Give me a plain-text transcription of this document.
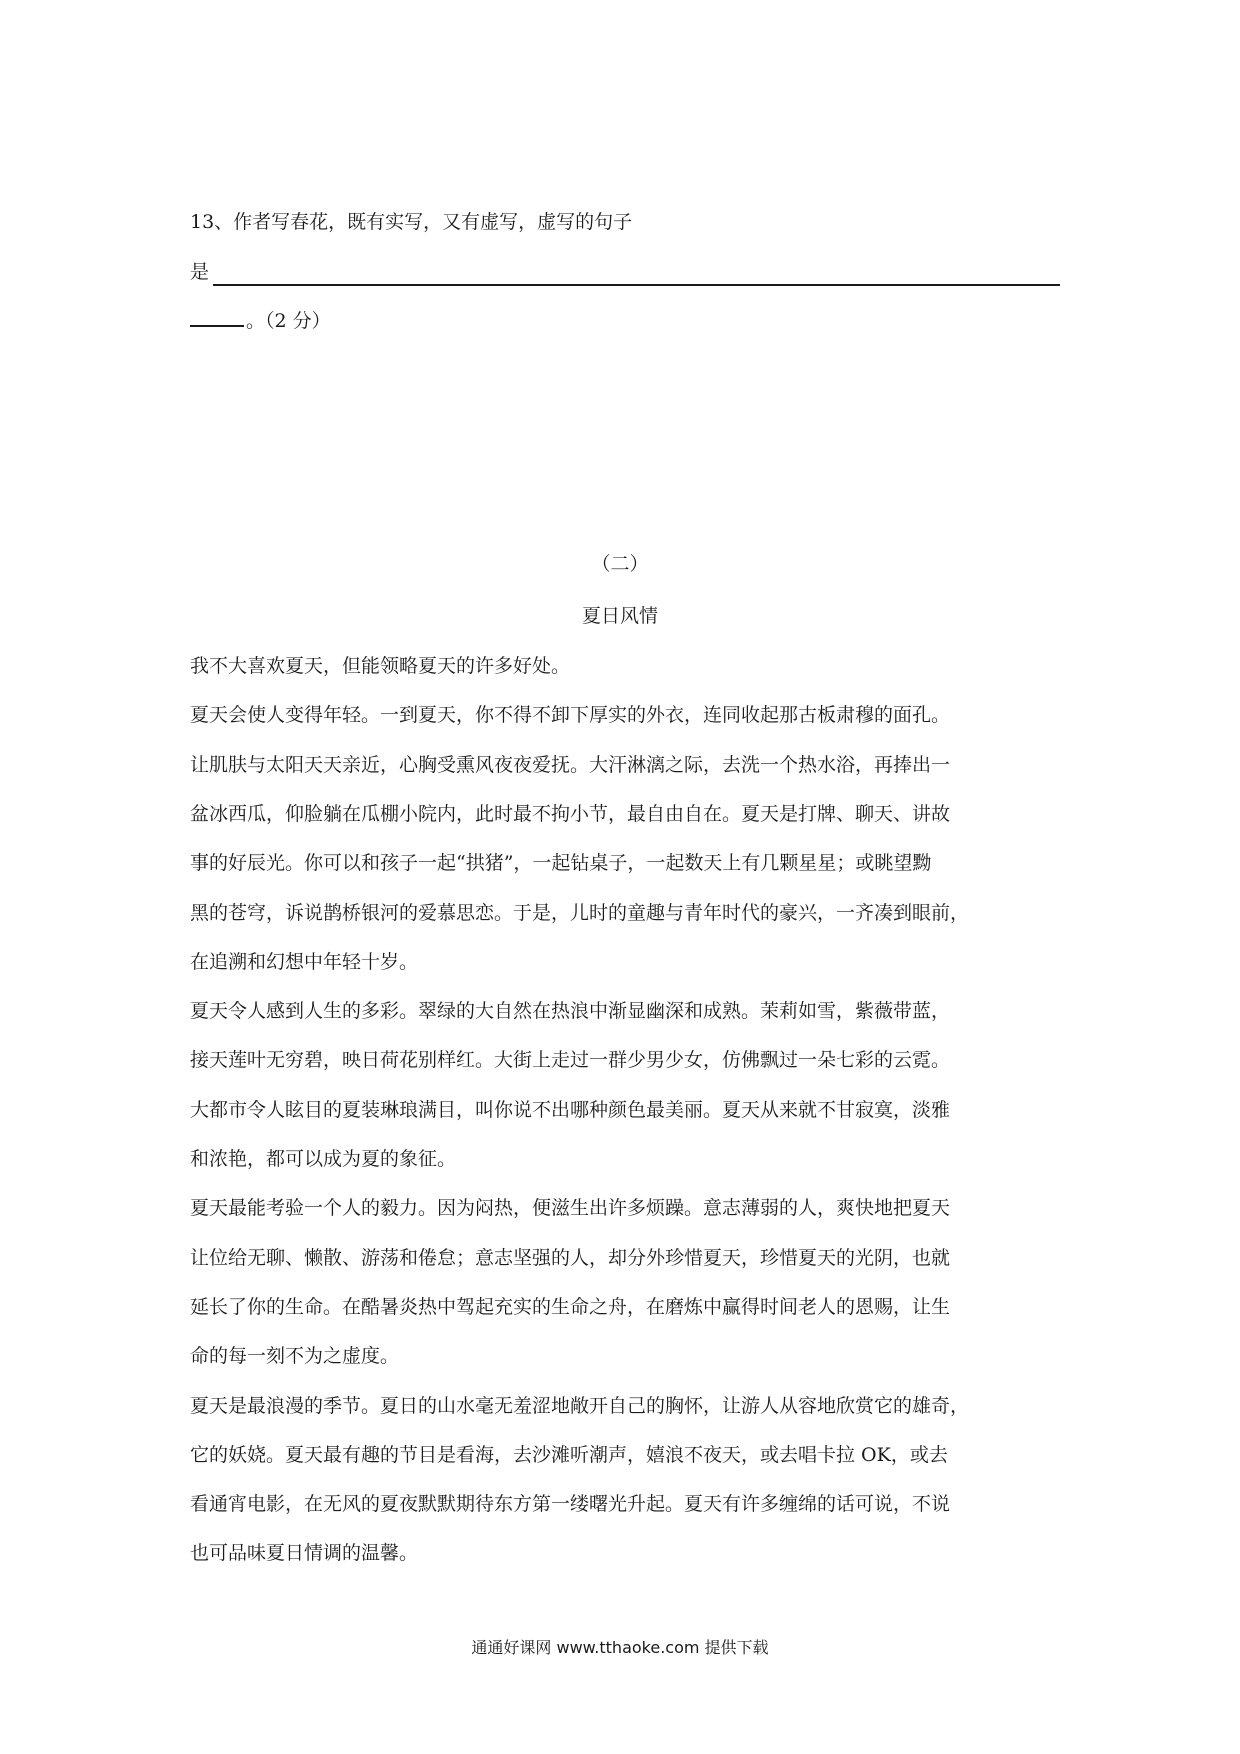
13、作者写春花，既有实写，又有虚写，虚写的句子
是
。（2 分）
（二）
夏日风情
我不大喜欢夏天，但能领略夏天的许多好处。
夏天会使人变得年轻。一到夏天，你不得不卸下厚实的外衣，连同收起那古板肃穆的面孔。
让肌肤与太阳天天亲近，心胸受熏风夜夜爱抚。大汗淋漓之际，去洗一个热水浴，再捧出一
盆冰西瓜，仰脸躺在瓜棚小院内，此时最不拘小节，最自由自在。夏天是打牌、聊天、讲故
事的好辰光。你可以和孩子一起“拱猪”，一起钻桌子，一起数天上有几颗星星；或眺望黝
黑的苍穹，诉说鹊桥银河的爱慕思恋。于是，儿时的童趣与青年时代的豪兴，一齐凑到眼前，
在追溯和幻想中年轻十岁。
夏天令人感到人生的多彩。翠绿的大自然在热浪中渐显幽深和成熟。茉莉如雪，紫薇带蓝，
接天莲叶无穷碧，映日荷花别样红。大街上走过一群少男少女，仿佛飘过一朵七彩的云霓。
大都市令人眩目的夏装琳琅满目，叫你说不出哪种颜色最美丽。夏天从来就不甘寂寞，淡雅
和浓艳，都可以成为夏的象征。
夏天最能考验一个人的毅力。因为闷热，便滋生出许多烦躁。意志薄弱的人，爽快地把夏天
让位给无聊、懒散、游荡和倦怠；意志坚强的人，却分外珍惜夏天，珍惜夏天的光阴，也就
延长了你的生命。在酷暑炎热中驾起充实的生命之舟，在磨炼中赢得时间老人的恩赐，让生
命的每一刻不为之虚度。
夏天是最浪漫的季节。夏日的山水毫无羞涩地敞开自己的胸怀，让游人从容地欣赏它的雄奇，
它的妖娆。夏天最有趣的节目是看海，去沙滩听潮声，嬉浪不夜天，或去唱卡拉 OK，或去
看通宵电影，在无风的夏夜默默期待东方第一缕曙光升起。夏天有许多缠绵的话可说，不说
也可品味夏日情调的温馨。
通通好课网 www.tthaoke.com 提供下载
